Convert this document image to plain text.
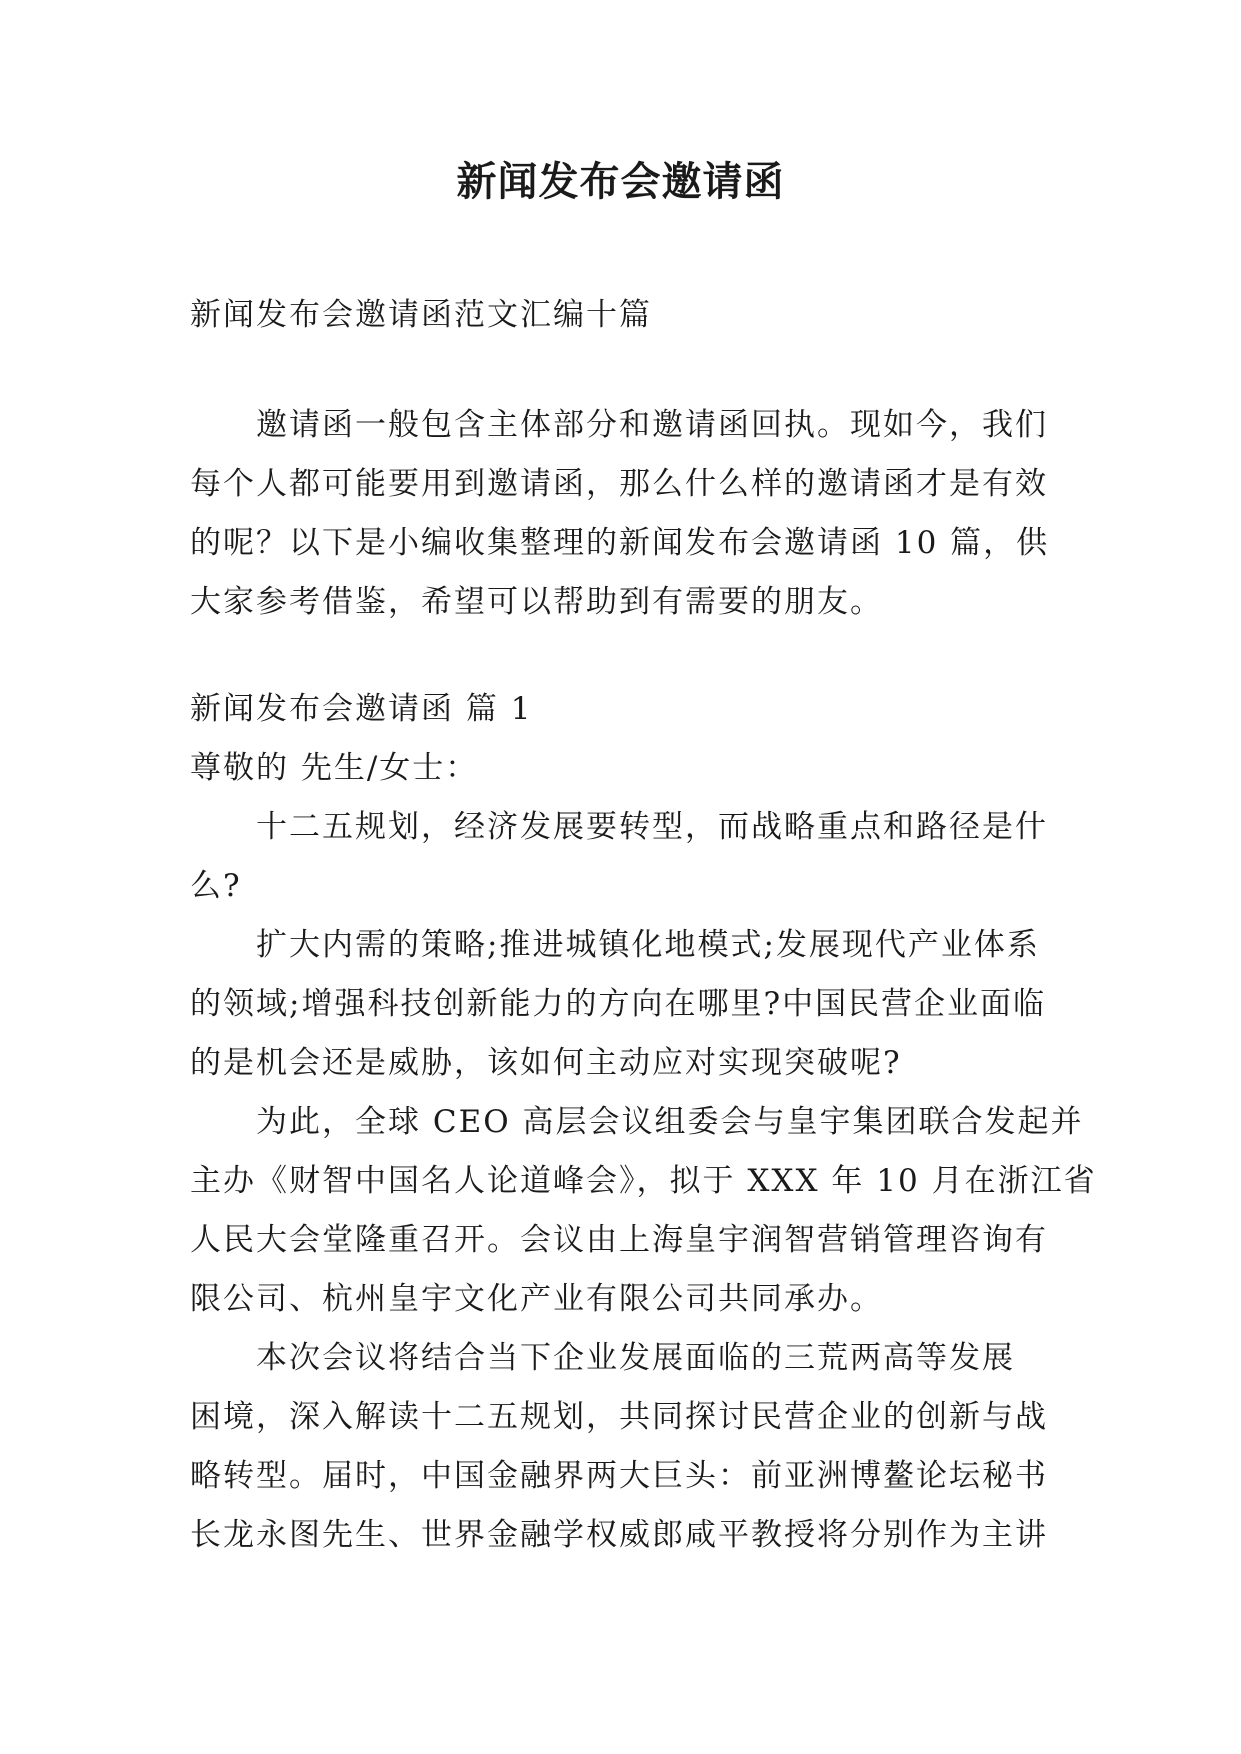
新闻发布会邀请函

新闻发布会邀请函范文汇编十篇

邀请函一般包含主体部分和邀请函回执。现如今，我们
每个人都可能要用到邀请函，那么什么样的邀请函才是有效
的呢？以下是小编收集整理的新闻发布会邀请函 10 篇，供
大家参考借鉴，希望可以帮助到有需要的朋友。

新闻发布会邀请函 篇 1

尊敬的 先生/女士：

十二五规划，经济发展要转型，而战略重点和路径是什
么?
扩大内需的策略;推进城镇化地模式;发展现代产业体系
的领域;增强科技创新能力的方向在哪里?中国民营企业面临
的是机会还是威胁，该如何主动应对实现突破呢?
为此，全球 CEO 高层会议组委会与皇宇集团联合发起并
主办《财智中国名人论道峰会》，拟于 XXX 年 10 月在浙江省
人民大会堂隆重召开。会议由上海皇宇润智营销管理咨询有
限公司、杭州皇宇文化产业有限公司共同承办。
本次会议将结合当下企业发展面临的三荒两高等发展
困境，深入解读十二五规划，共同探讨民营企业的创新与战
略转型。届时，中国金融界两大巨头：前亚洲博鳌论坛秘书
长龙永图先生、世界金融学权威郎咸平教授将分别作为主讲
